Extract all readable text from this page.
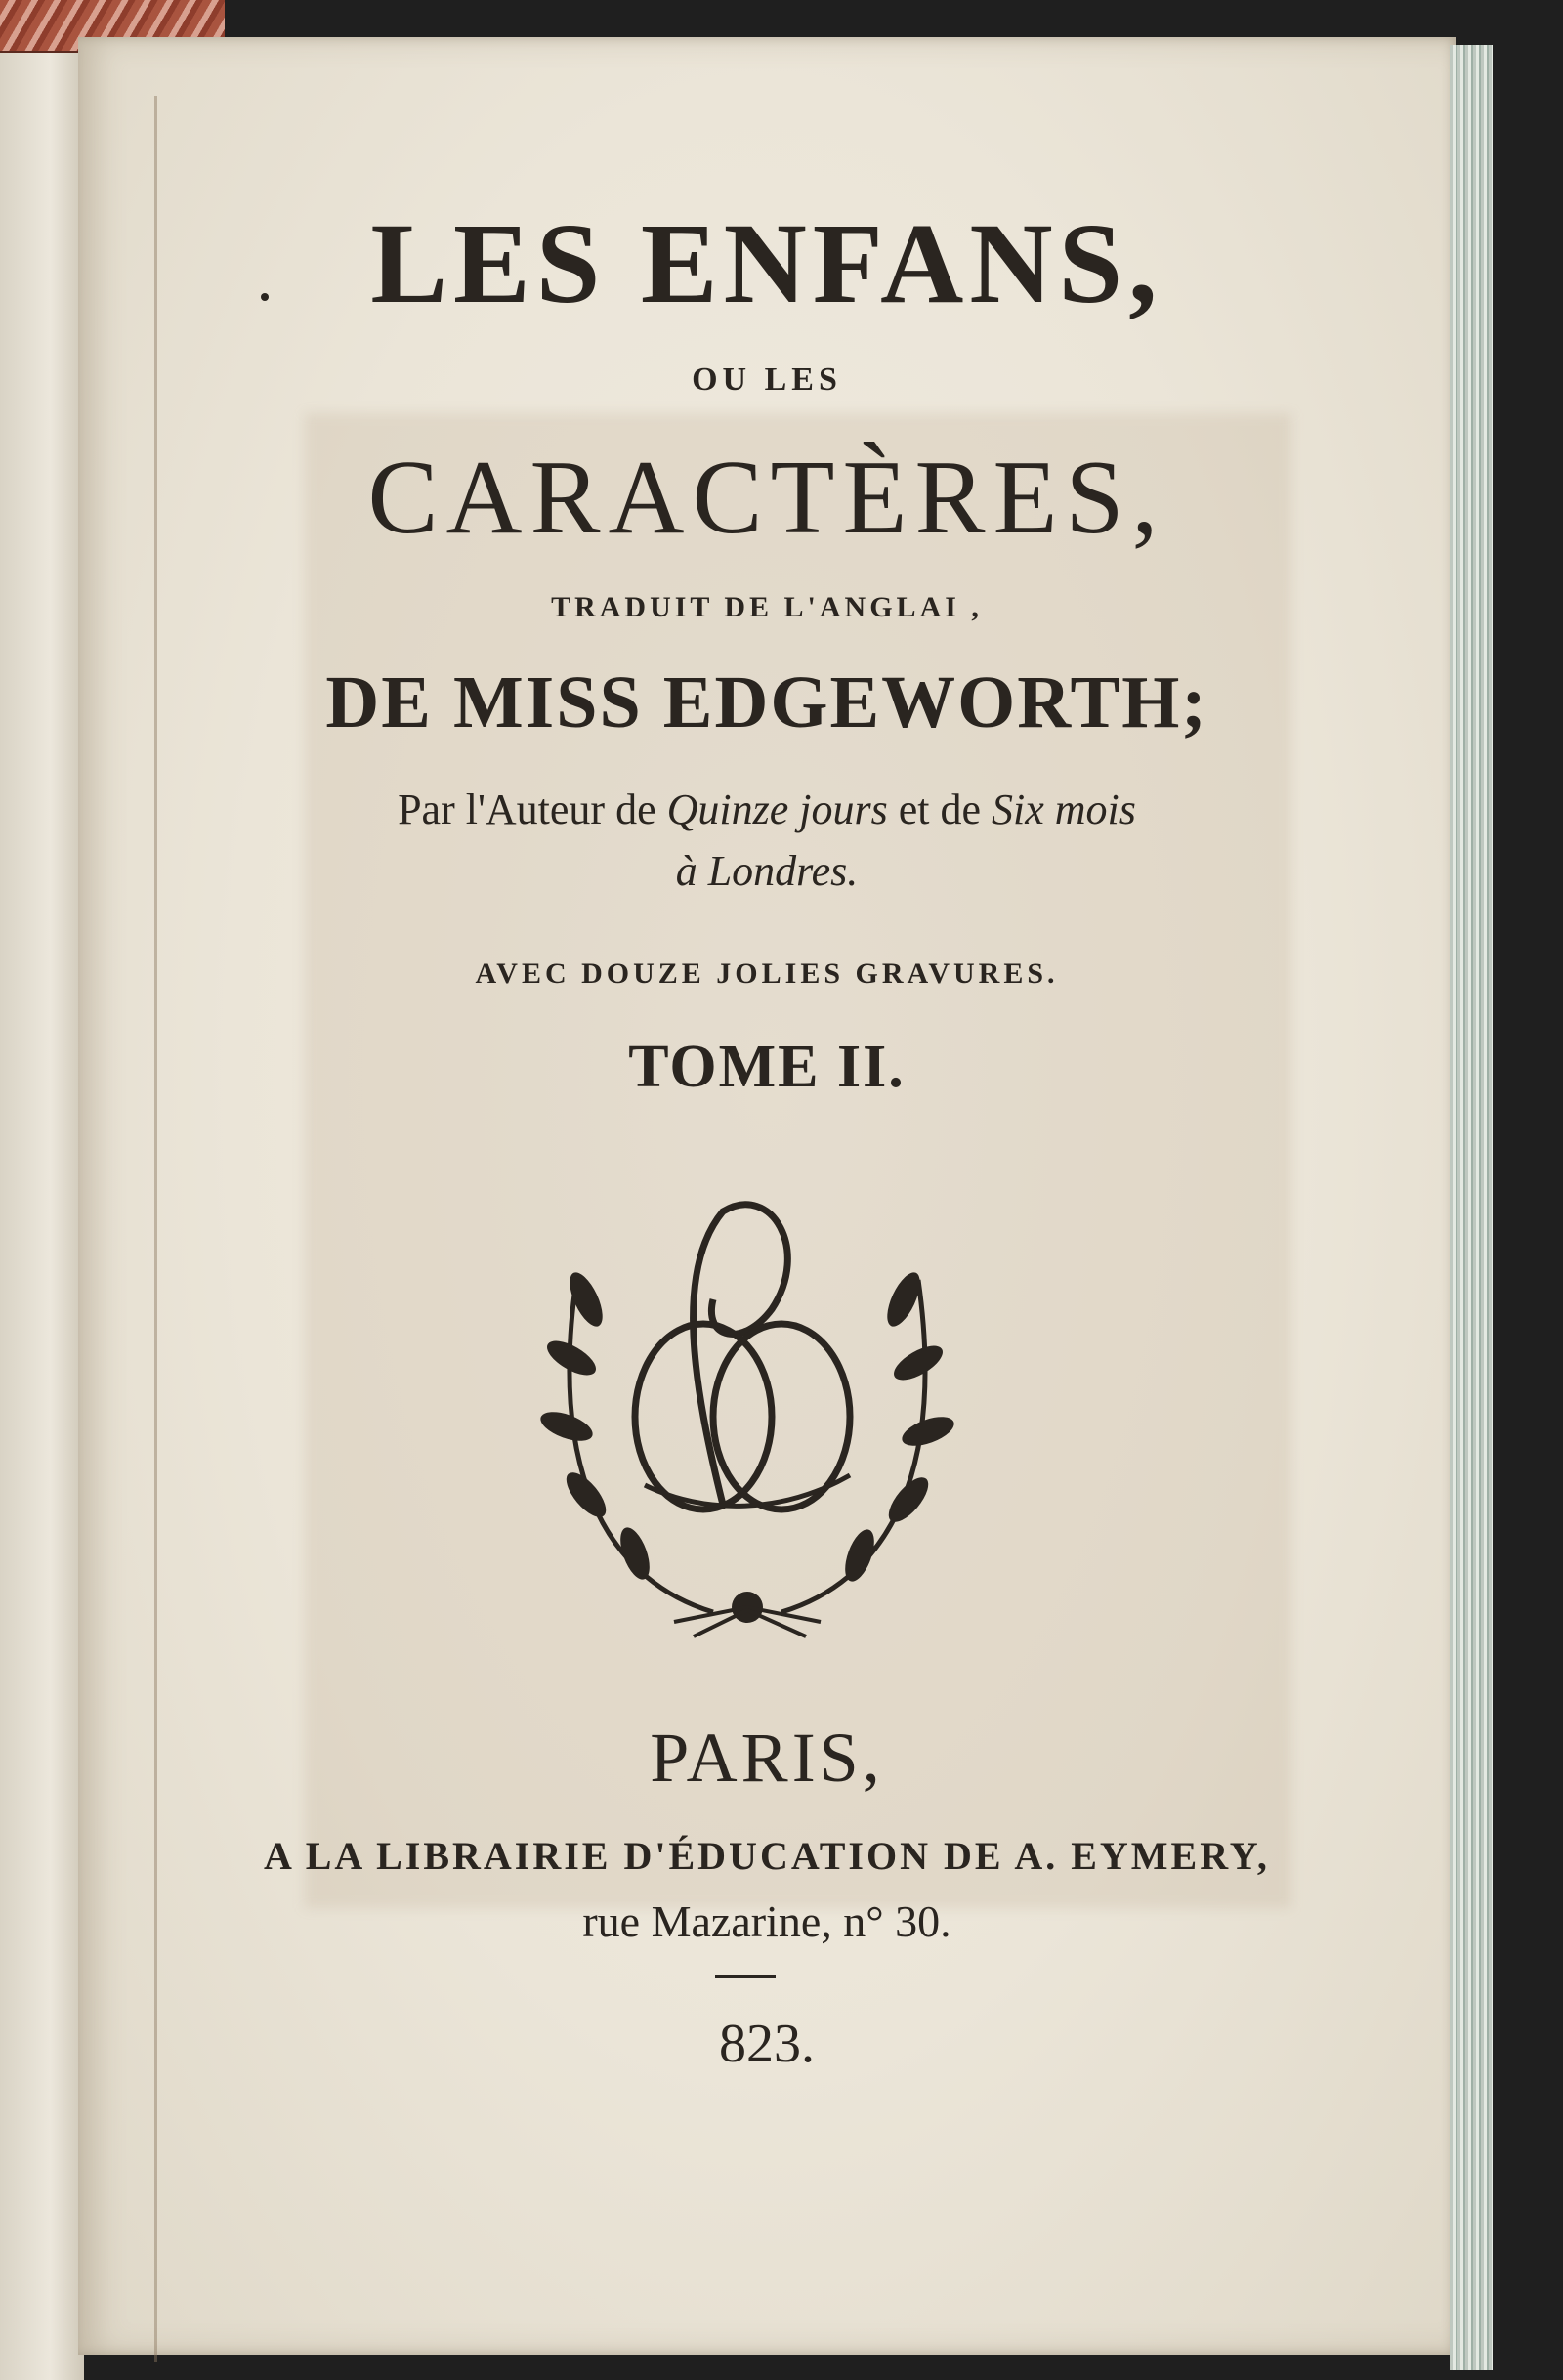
LES ENFANS,

OU LES

CARACTÈRES,

TRADUIT DE L'ANGLAI ,

DE MISS EDGEWORTH;

Par l'Auteur de Quinze jours et de Six mois

à Londres.

AVEC DOUZE JOLIES GRAVURES.

TOME II.

PARIS,

A LA LIBRAIRIE D'ÉDUCATION DE A. EYMERY,

rue Mazarine, n° 30.

823.
